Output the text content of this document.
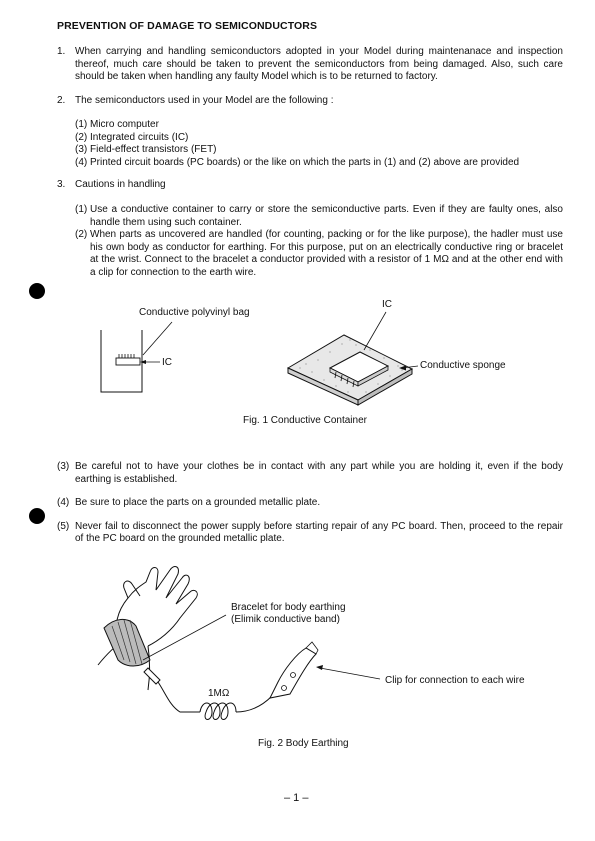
PREVENTION OF DAMAGE TO SEMICONDUCTORS
1. When carrying and handling semiconductors adopted in your Model during maintenanace and inspection thereof, much care should be taken to prevent the semiconductors from being damaged. Also, such care should be taken when handling any faulty Model which is to be returned to factory.
2. The semiconductors used in your Model are the following :
(1) Micro computer
(2) Integrated circuits (IC)
(3) Field-effect transistors (FET)
(4) Printed circuit boards (PC boards) or the like on which the parts in (1) and (2) above are provided
3. Cautions in handling
(1) Use a conductive container to carry or store the semiconductive parts. Even if they are faulty ones, also handle them using such container.
(2) When parts as uncovered are handled (for counting, packing or for the like purpose), the hadler must use his own body as conductor for earthing. For this purpose, put on an electrically conductive ring or bracelet at the wrist. Connect to the bracelet a conductor provided with a resistor of 1 MΩ and at the other end with a clip for connection to the earth wire.
Conductive polyvinyl bag
IC
IC
Conductive sponge
Fig. 1 Conductive Container
(3) Be careful not to have your clothes be in contact with any part while you are holding it, even if the body earthing is established.
(4) Be sure to place the parts on a grounded metallic plate.
(5) Never fail to disconnect the power supply before starting repair of any PC board. Then, proceed to the repair of the PC board on the grounded metallic plate.
Bracelet for body earthing
(Elimik conductive band)
1MΩ
Clip for connection to each wire
Fig. 2 Body Earthing
– 1 –
